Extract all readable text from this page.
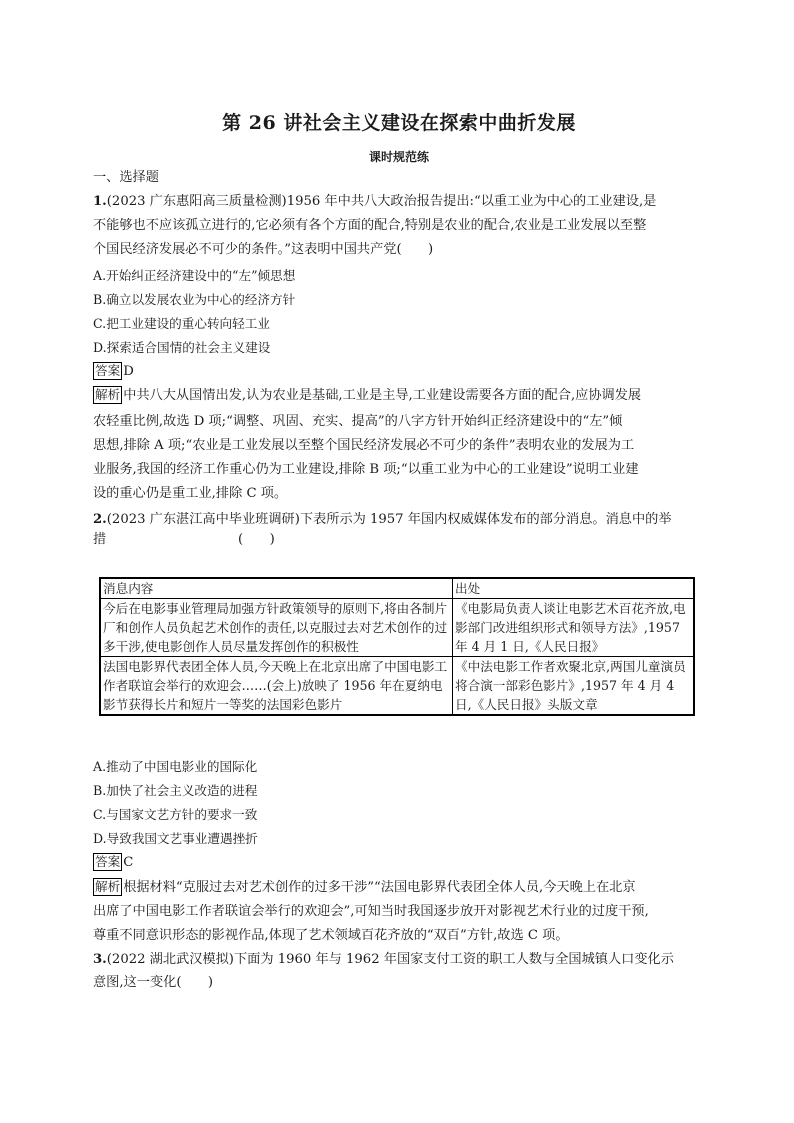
第 26 讲社会主义建设在探索中曲折发展
课时规范练
一、选择题
1.(2023 广东惠阳高三质量检测)1956 年中共八大政治报告提出:“以重工业为中心的工业建设,是
不能够也不应该孤立进行的,它必须有各个方面的配合,特别是农业的配合,农业是工业发展以至整
个国民经济发展必不可少的条件。”这表明中国共产党(　　)
A.开始纠正经济建设中的“左”倾思想
B.确立以发展农业为中心的经济方针
C.把工业建设的重心转向轻工业
D.探索适合国情的社会主义建设
答案 D
解析 中共八大从国情出发,认为农业是基础,工业是主导,工业建设需要各方面的配合,应协调发展
农轻重比例,故选 D 项;“调整、巩固、充实、提高”的八字方针开始纠正经济建设中的“左”倾
思想,排除 A 项;“农业是工业发展以至整个国民经济发展必不可少的条件”表明农业的发展为工
业服务,我国的经济工作重心仍为工业建设,排除 B 项;“以重工业为中心的工业建设”说明工业建
设的重心仍是重工业,排除 C 项。
2.(2023 广东湛江高中毕业班调研)下表所示为 1957 年国内权威媒体发布的部分消息。消息中的举
措　　　　　　　　　　(　　)
消息内容	出处
今后在电影事业管理局加强方针政策领导的原则下,将由各制片厂和创作人员负起艺术创作的责任,以克服过去对艺术创作的过多干涉,使电影创作人员尽量发挥创作的积极性	《电影局负责人谈让电影艺术百花齐放,电影部门改进组织形式和领导方法》,1957 年 4 月 1 日,《人民日报》
法国电影界代表团全体人员,今天晚上在北京出席了中国电影工作者联谊会举行的欢迎会……(会上)放映了 1956 年在夏纳电影节获得长片和短片一等奖的法国彩色影片	《中法电影工作者欢聚北京,两国儿童演员将合演一部彩色影片》,1957 年 4 月 4 日,《人民日报》头版文章
A.推动了中国电影业的国际化
B.加快了社会主义改造的进程
C.与国家文艺方针的要求一致
D.导致我国文艺事业遭遇挫折
答案 C
解析 根据材料“克服过去对艺术创作的过多干涉”“法国电影界代表团全体人员,今天晚上在北京
出席了中国电影工作者联谊会举行的欢迎会”,可知当时我国逐步放开对影视艺术行业的过度干预,
尊重不同意识形态的影视作品,体现了艺术领域百花齐放的“双百”方针,故选 C 项。
3.(2022 湖北武汉模拟)下面为 1960 年与 1962 年国家支付工资的职工人数与全国城镇人口变化示
意图,这一变化(　　)
